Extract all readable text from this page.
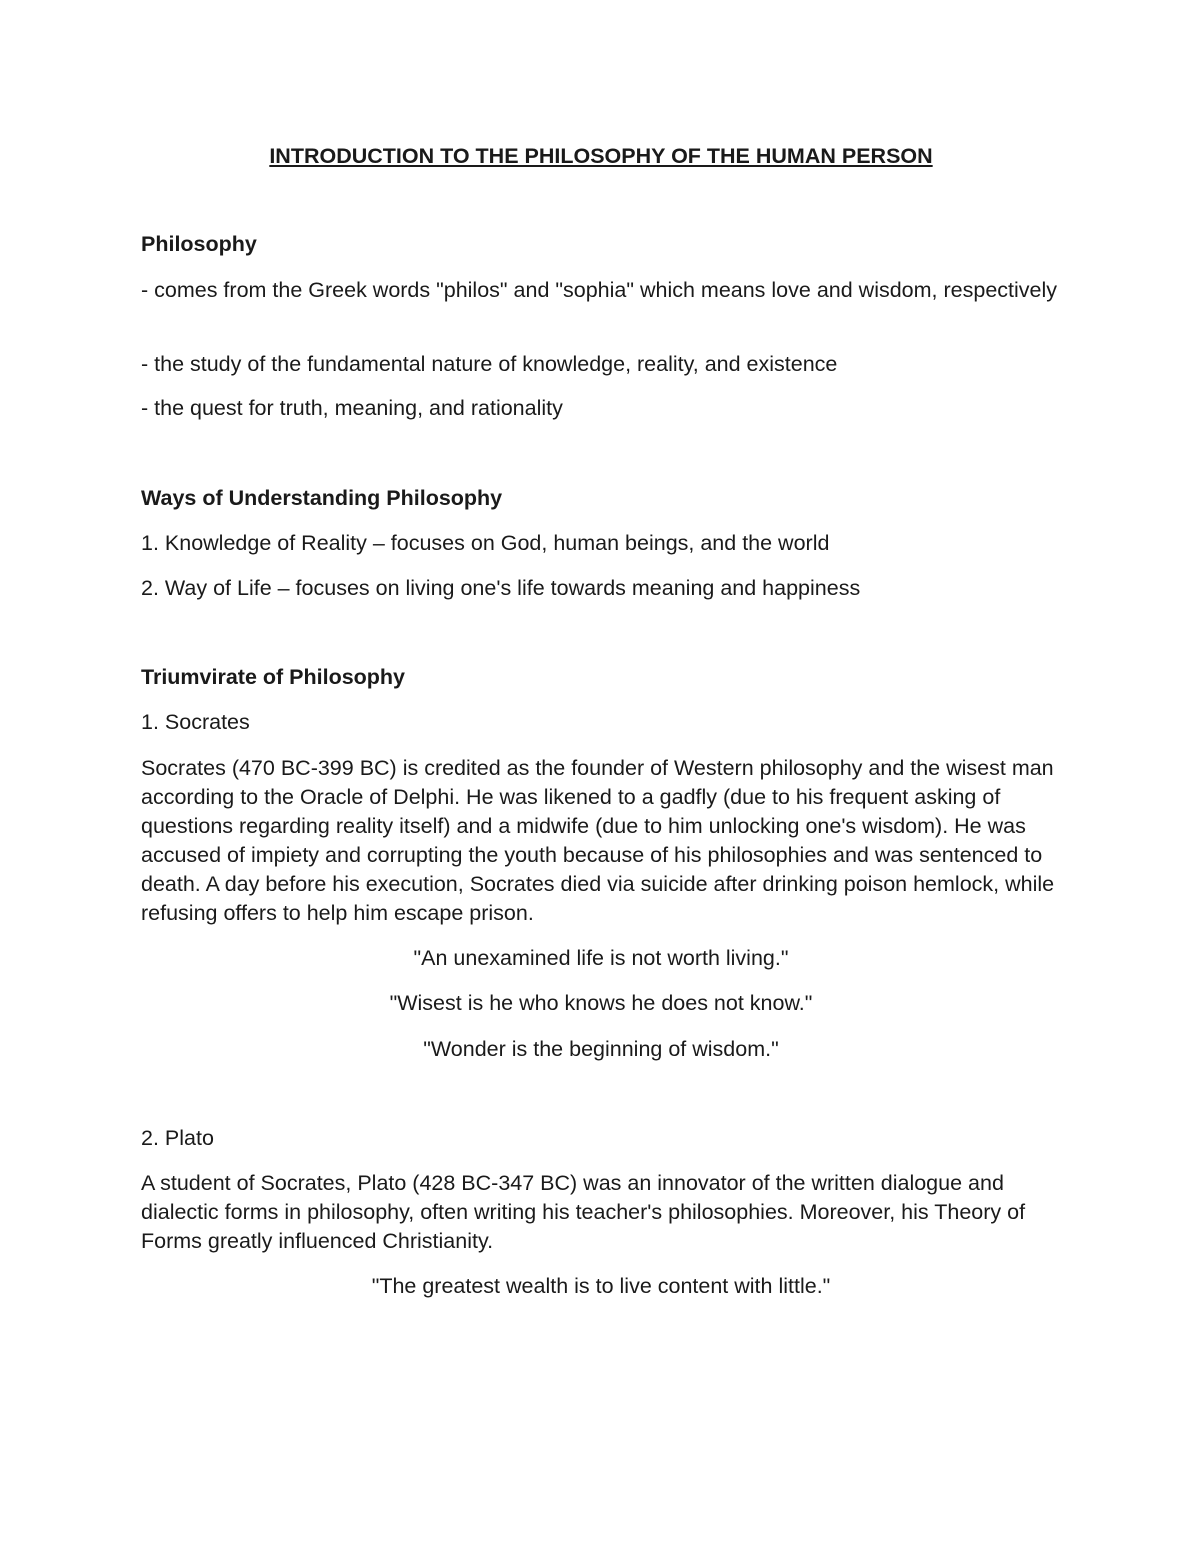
INTRODUCTION TO THE PHILOSOPHY OF THE HUMAN PERSON

Philosophy

- comes from the Greek words "philos" and "sophia" which means love and wisdom, respectively

- the study of the fundamental nature of knowledge, reality, and existence

- the quest for truth, meaning, and rationality

Ways of Understanding Philosophy

1. Knowledge of Reality – focuses on God, human beings, and the world

2. Way of Life – focuses on living one's life towards meaning and happiness

Triumvirate of Philosophy

1. Socrates

Socrates (470 BC-399 BC) is credited as the founder of Western philosophy and the wisest man according to the Oracle of Delphi. He was likened to a gadfly (due to his frequent asking of questions regarding reality itself) and a midwife (due to him unlocking one's wisdom). He was accused of impiety and corrupting the youth because of his philosophies and was sentenced to death. A day before his execution, Socrates died via suicide after drinking poison hemlock, while refusing offers to help him escape prison.

"An unexamined life is not worth living."

"Wisest is he who knows he does not know."

"Wonder is the beginning of wisdom."

2. Plato

A student of Socrates, Plato (428 BC-347 BC) was an innovator of the written dialogue and dialectic forms in philosophy, often writing his teacher's philosophies. Moreover, his Theory of Forms greatly influenced Christianity.

"The greatest wealth is to live content with little."
